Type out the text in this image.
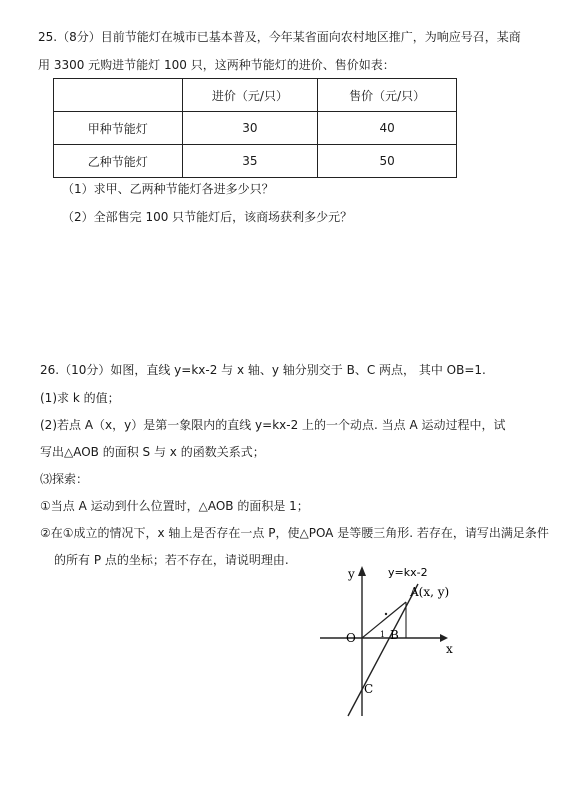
25.（8分）目前节能灯在城市已基本普及，今年某省面向农村地区推广，为响应号召，某商
用 3300 元购进节能灯 100 只，这两种节能灯的进价、售价如表：
	进价（元/只）	售价（元/只）
甲种节能灯	30	40
乙种节能灯	35	50
（1）求甲、乙两种节能灯各进多少只？
（2）全部售完 100 只节能灯后，该商场获利多少元？
26.（10分）如图，直线 y=kx-2 与 x 轴、y 轴分别交于 B、C 两点， 其中 OB=1.
(1)求 k 的值；
(2)若点 A（x，y）是第一象限内的直线 y=kx-2 上的一个动点. 当点 A 运动过程中，试
写出△AOB 的面积 S 与 x 的函数关系式；
⑶探索：
①当点 A 运动到什么位置时，△AOB 的面积是 1；
②在①成立的情况下，x 轴上是否存在一点 P，使△POA 是等腰三角形. 若存在，请写出满足条件
的所有 P 点的坐标；若不存在，请说明理由.
y
x
y=kx-2
A(x, y)
O	B
C
1
